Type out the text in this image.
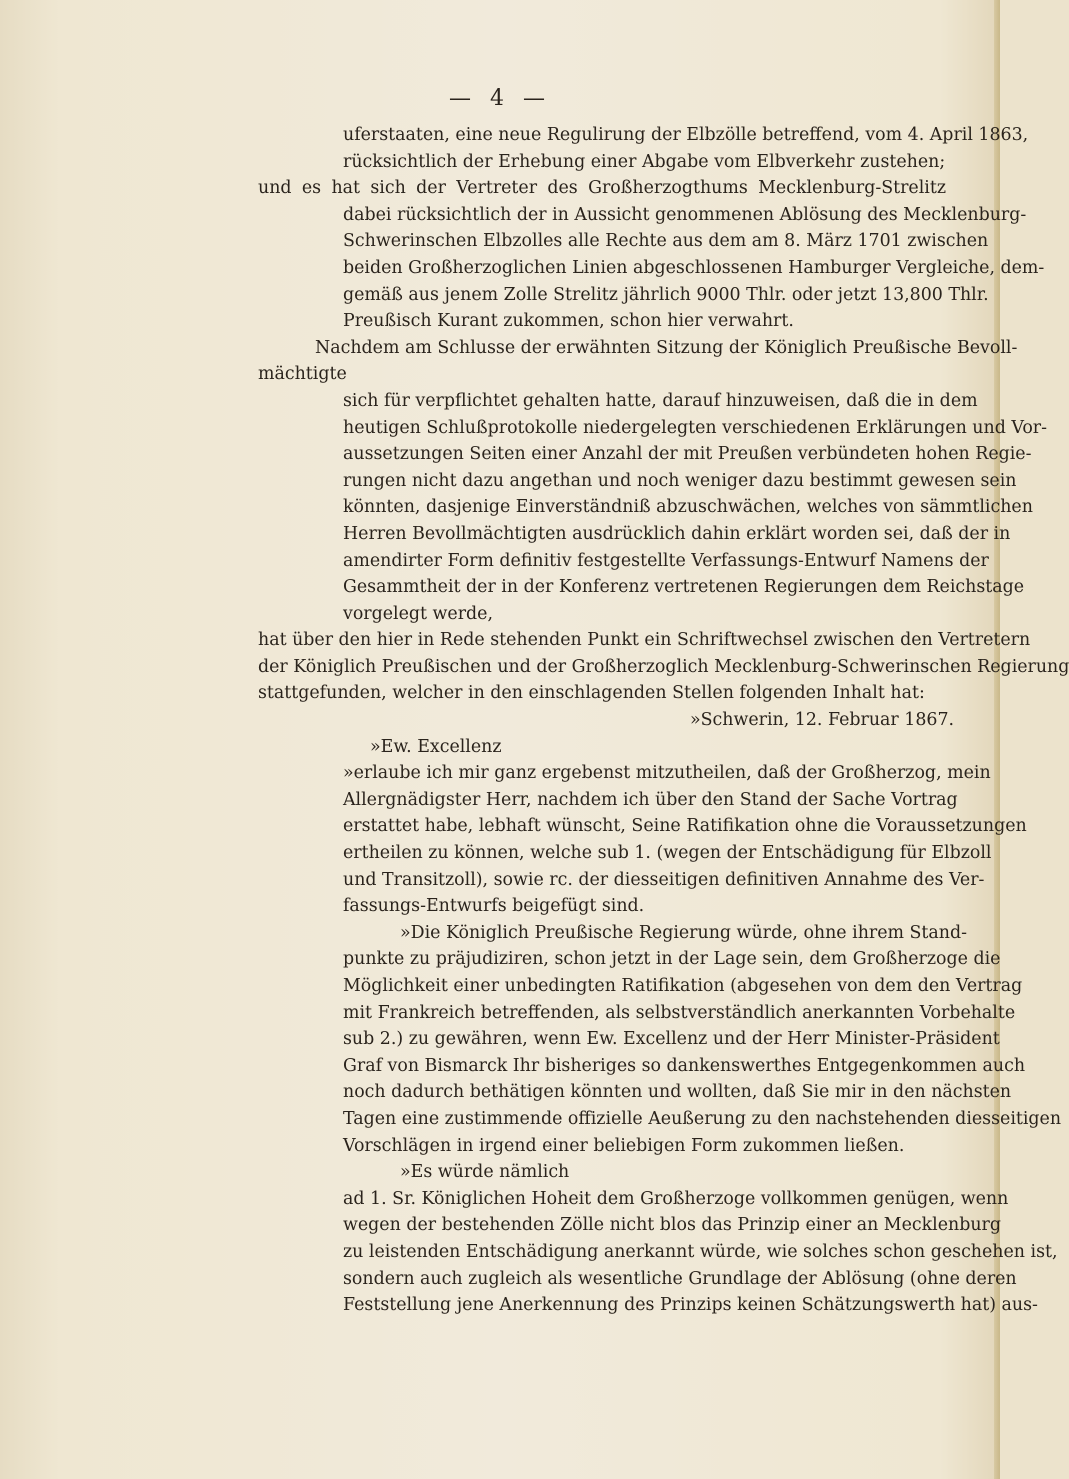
— 4 —
uferstaaten, eine neue Regulirung der Elbzölle betreffend, vom 4. April 1863,
rücksichtlich der Erhebung einer Abgabe vom Elbverkehr zustehen;
und es hat sich der Vertreter des Großherzogthums Mecklenburg-Strelitz
dabei rücksichtlich der in Aussicht genommenen Ablösung des Mecklenburg-
Schwerinschen Elbzolles alle Rechte aus dem am 8. März 1701 zwischen
beiden Großherzoglichen Linien abgeschlossenen Hamburger Vergleiche, dem-
gemäß aus jenem Zolle Strelitz jährlich 9000 Thlr. oder jetzt 13,800 Thlr.
Preußisch Kurant zukommen, schon hier verwahrt.
Nachdem am Schlusse der erwähnten Sitzung der Königlich Preußische Bevoll-
mächtigte
sich für verpflichtet gehalten hatte, darauf hinzuweisen, daß die in dem
heutigen Schlußprotokolle niedergelegten verschiedenen Erklärungen und Vor-
aussetzungen Seiten einer Anzahl der mit Preußen verbündeten hohen Regie-
rungen nicht dazu angethan und noch weniger dazu bestimmt gewesen sein
könnten, dasjenige Einverständniß abzuschwächen, welches von sämmtlichen
Herren Bevollmächtigten ausdrücklich dahin erklärt worden sei, daß der in
amendirter Form definitiv festgestellte Verfassungs-Entwurf Namens der
Gesammtheit der in der Konferenz vertretenen Regierungen dem Reichstage
vorgelegt werde,
hat über den hier in Rede stehenden Punkt ein Schriftwechsel zwischen den Vertretern
der Königlich Preußischen und der Großherzoglich Mecklenburg-Schwerinschen Regierung
stattgefunden, welcher in den einschlagenden Stellen folgenden Inhalt hat:
»Schwerin, 12. Februar 1867.
»Ew. Excellenz
»erlaube ich mir ganz ergebenst mitzutheilen, daß der Großherzog, mein
Allergnädigster Herr, nachdem ich über den Stand der Sache Vortrag
erstattet habe, lebhaft wünscht, Seine Ratifikation ohne die Voraussetzungen
ertheilen zu können, welche sub 1. (wegen der Entschädigung für Elbzoll
und Transitzoll), sowie rc. der diesseitigen definitiven Annahme des Ver-
fassungs-Entwurfs beigefügt sind.
»Die Königlich Preußische Regierung würde, ohne ihrem Stand-
punkte zu präjudiziren, schon jetzt in der Lage sein, dem Großherzoge die
Möglichkeit einer unbedingten Ratifikation (abgesehen von dem den Vertrag
mit Frankreich betreffenden, als selbstverständlich anerkannten Vorbehalte
sub 2.) zu gewähren, wenn Ew. Excellenz und der Herr Minister-Präsident
Graf von Bismarck Ihr bisheriges so dankenswerthes Entgegenkommen auch
noch dadurch bethätigen könnten und wollten, daß Sie mir in den nächsten
Tagen eine zustimmende offizielle Aeußerung zu den nachstehenden diesseitigen
Vorschlägen in irgend einer beliebigen Form zukommen ließen.
»Es würde nämlich
ad 1. Sr. Königlichen Hoheit dem Großherzoge vollkommen genügen, wenn
wegen der bestehenden Zölle nicht blos das Prinzip einer an Mecklenburg
zu leistenden Entschädigung anerkannt würde, wie solches schon geschehen ist,
sondern auch zugleich als wesentliche Grundlage der Ablösung (ohne deren
Feststellung jene Anerkennung des Prinzips keinen Schätzungswerth hat) aus-
